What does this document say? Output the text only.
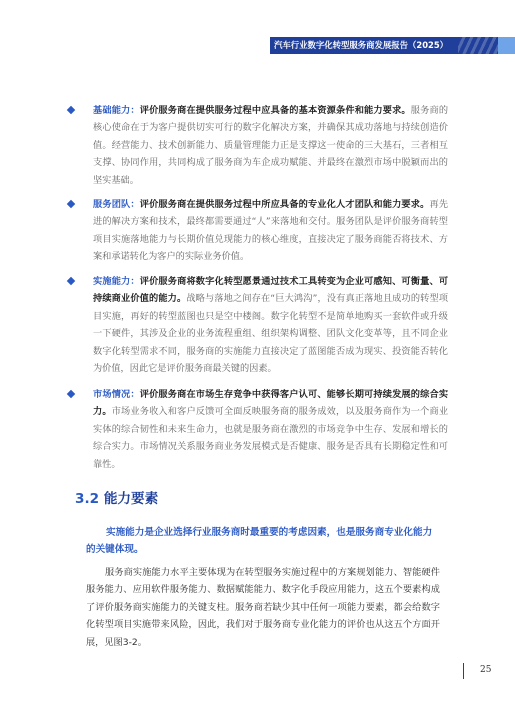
汽车行业数字化转型服务商发展报告（2025）
基础能力：评价服务商在提供服务过程中应具备的基本资源条件和能力要求。服务商的核心使命在于为客户提供切实可行的数字化解决方案，并确保其成功落地与持续创造价值。经营能力、技术创新能力、质量管理能力正是支撑这一使命的三大基石，三者相互支撑、协同作用，共同构成了服务商为车企成功赋能、并最终在激烈市场中脱颖而出的坚实基础。
服务团队：评价服务商在提供服务过程中所应具备的专业化人才团队和能力要求。再先进的解决方案和技术，最终都需要通过“人”来落地和交付。服务团队是评价服务商转型项目实施落地能力与长期价值兑现能力的核心维度，直接决定了服务商能否将技术、方案和承诺转化为客户的实际业务价值。
实施能力：评价服务商将数字化转型愿景通过技术工具转变为企业可感知、可衡量、可持续商业价值的能力。战略与落地之间存在“巨大鸿沟”，没有真正落地且成功的转型项目实施，再好的转型蓝图也只是空中楼阁。数字化转型不是简单地购买一套软件或升级一下硬件，其涉及企业的业务流程重组、组织架构调整、团队文化变革等，且不同企业数字化转型需求不同，服务商的实施能力直接决定了蓝图能否成为现实、投资能否转化为价值，因此它是评价服务商最关键的因素。
市场情况：评价服务商在市场生存竞争中获得客户认可、能够长期可持续发展的综合实力。市场业务收入和客户反馈可全面反映服务商的服务成效，以及服务商作为一个商业实体的综合韧性和未来生命力，也就是服务商在激烈的市场竞争中生存、发展和增长的综合实力。市场情况关系服务商业务发展模式是否健康、服务是否具有长期稳定性和可靠性。
3.2 能力要素
实施能力是企业选择行业服务商时最重要的考虑因素，也是服务商专业化能力的关键体现。
服务商实施能力水平主要体现为在转型服务实施过程中的方案规划能力、智能硬件服务能力、应用软件服务能力、数据赋能能力、数字化手段应用能力，这五个要素构成了评价服务商实施能力的关键支柱。服务商若缺少其中任何一项能力要素，都会给数字化转型项目实施带来风险，因此，我们对于服务商专业化能力的评价也从这五个方面开展，见图3-2。
25
